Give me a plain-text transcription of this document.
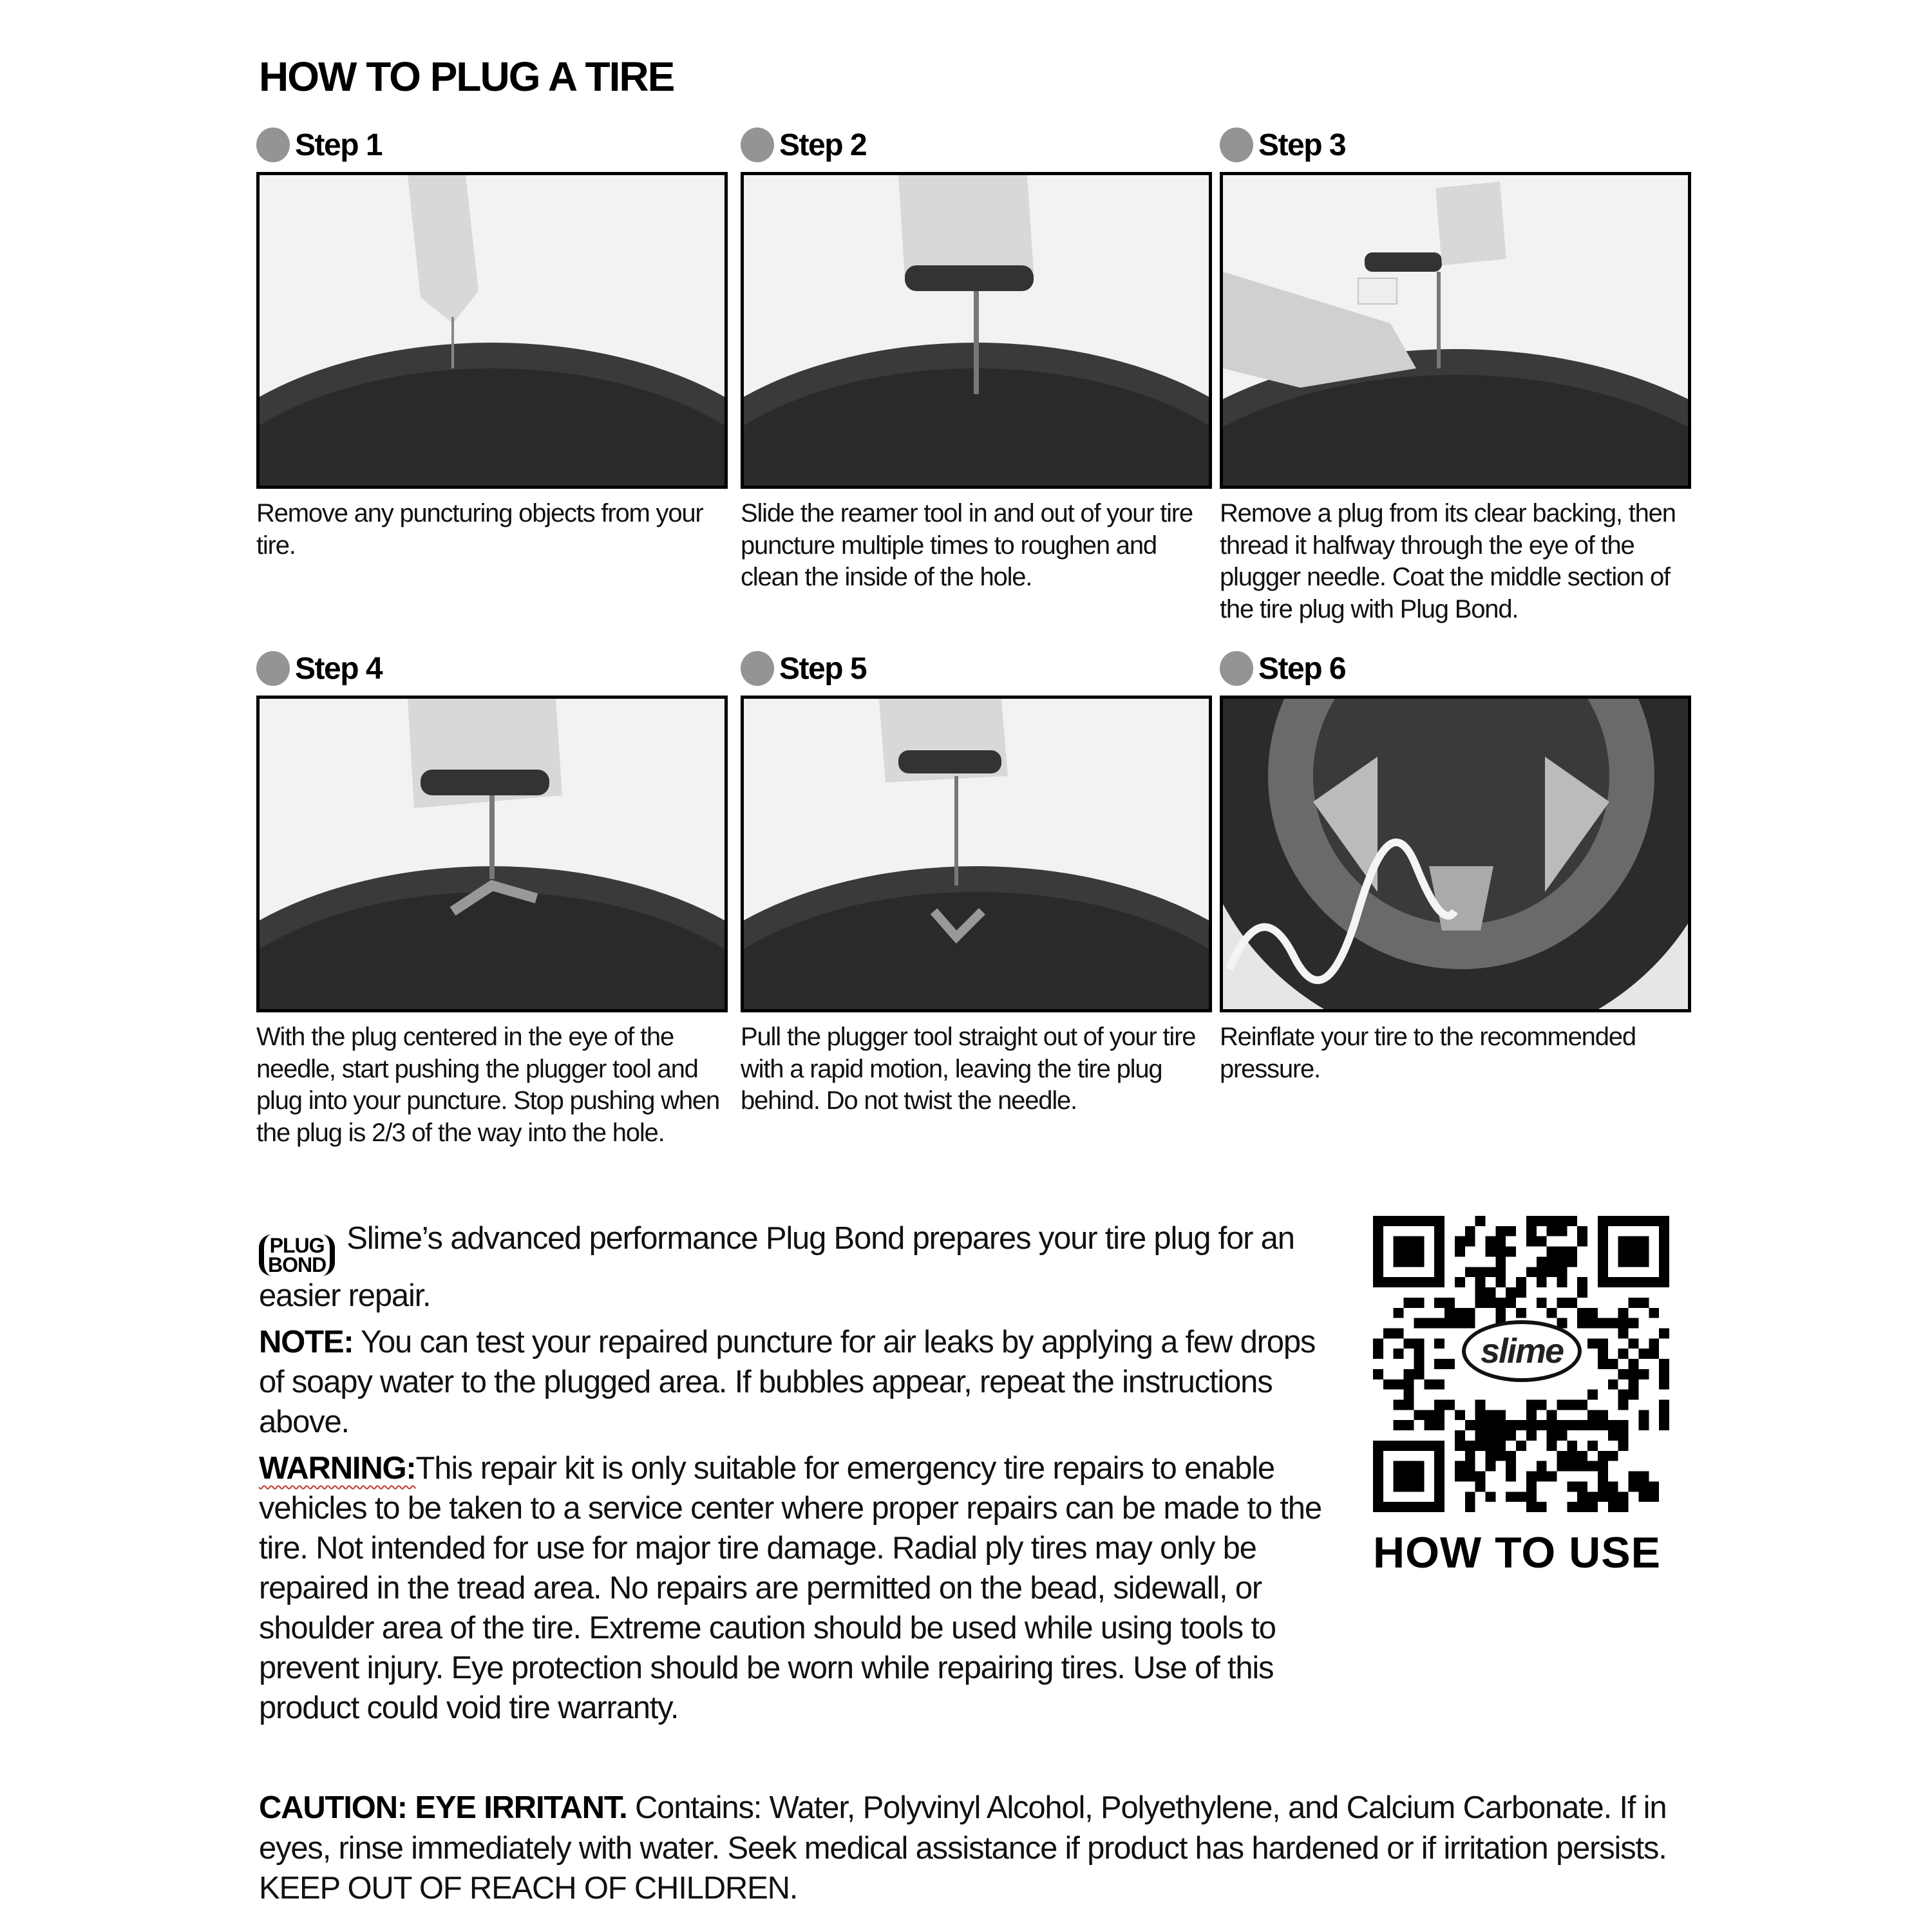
HOW TO PLUG A TIRE
Step 1
Remove any puncturing objects from your tire.
Step 2
Slide the reamer tool in and out of your tire puncture multiple times to roughen and clean the inside of the hole.
Step 3
Remove a plug from its clear backing, then thread it halfway through the eye of the plugger needle. Coat the middle section of the tire plug with Plug Bond.
Step 4
With the plug centered in the eye of the needle, start pushing the plugger tool and plug into your puncture. Stop pushing when the plug is 2/3 of the way into the hole.
Step 5
Pull the plugger tool straight out of your tire with a rapid motion, leaving the tire plug behind. Do not twist the needle.
Step 6
Reinflate your tire to the recommended pressure.

PLUG
BOND
Slime’s advanced performance Plug Bond prepares your tire plug for an easier repair.

NOTE: You can test your repaired puncture for air leaks by applying a few drops of soapy water to the plugged area. If bubbles appear, repeat the instructions above.

WARNING:This repair kit is only suitable for emergency tire repairs to enable vehicles to be taken to a service center where proper repairs can be made to the tire. Not intended for use for major tire damage. Radial ply tires may only be repaired in the tread area. No repairs are permitted on the bead, sidewall, or shoulder area of the tire. Extreme caution should be used while using tools to prevent injury. Eye protection should be worn while repairing tires. Use of this product could void tire warranty.

CAUTION: EYE IRRITANT. Contains: Water, Polyvinyl Alcohol, Polyethylene, and Calcium Carbonate. If in eyes, rinse immediately with water. Seek medical assistance if product has hardened or if irritation persists. KEEP OUT OF REACH OF CHILDREN.

slime
HOW TO USE
